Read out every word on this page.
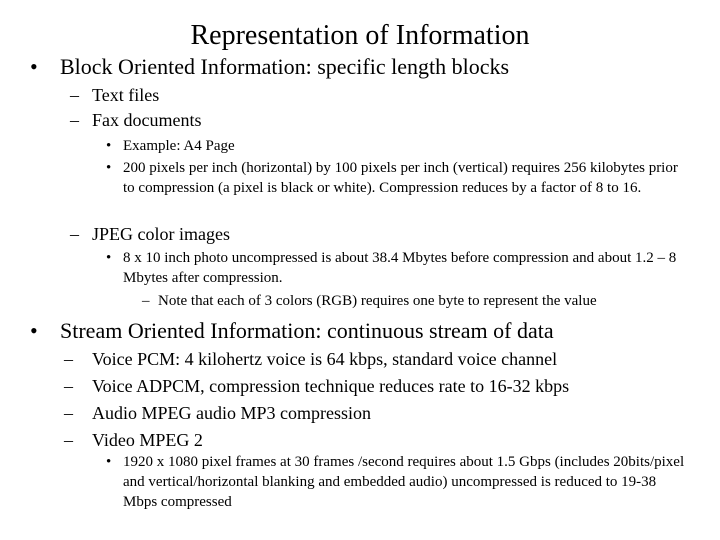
Representation of Information
• Block Oriented Information: specific length blocks
– Text files
– Fax documents
• Example: A4 Page
• 200 pixels per inch (horizontal) by 100 pixels per inch (vertical) requires 256 kilobytes prior to compression (a pixel is black or white). Compression reduces by a factor of 8 to 16.
– JPEG color images
• 8 x 10 inch photo uncompressed is about 38.4 Mbytes before compression and about 1.2 – 8 Mbytes after compression.
– Note that each of 3 colors (RGB) requires one byte to represent the value
• Stream Oriented Information: continuous stream of data
– Voice PCM: 4 kilohertz voice is 64 kbps, standard voice channel
– Voice ADPCM, compression technique reduces rate to 16-32 kbps
– Audio MPEG audio MP3 compression
– Video MPEG 2
• 1920 x 1080 pixel frames at 30 frames /second requires about 1.5 Gbps (includes 20bits/pixel and vertical/horizontal blanking and embedded audio) uncompressed is reduced to 19-38 Mbps compressed
